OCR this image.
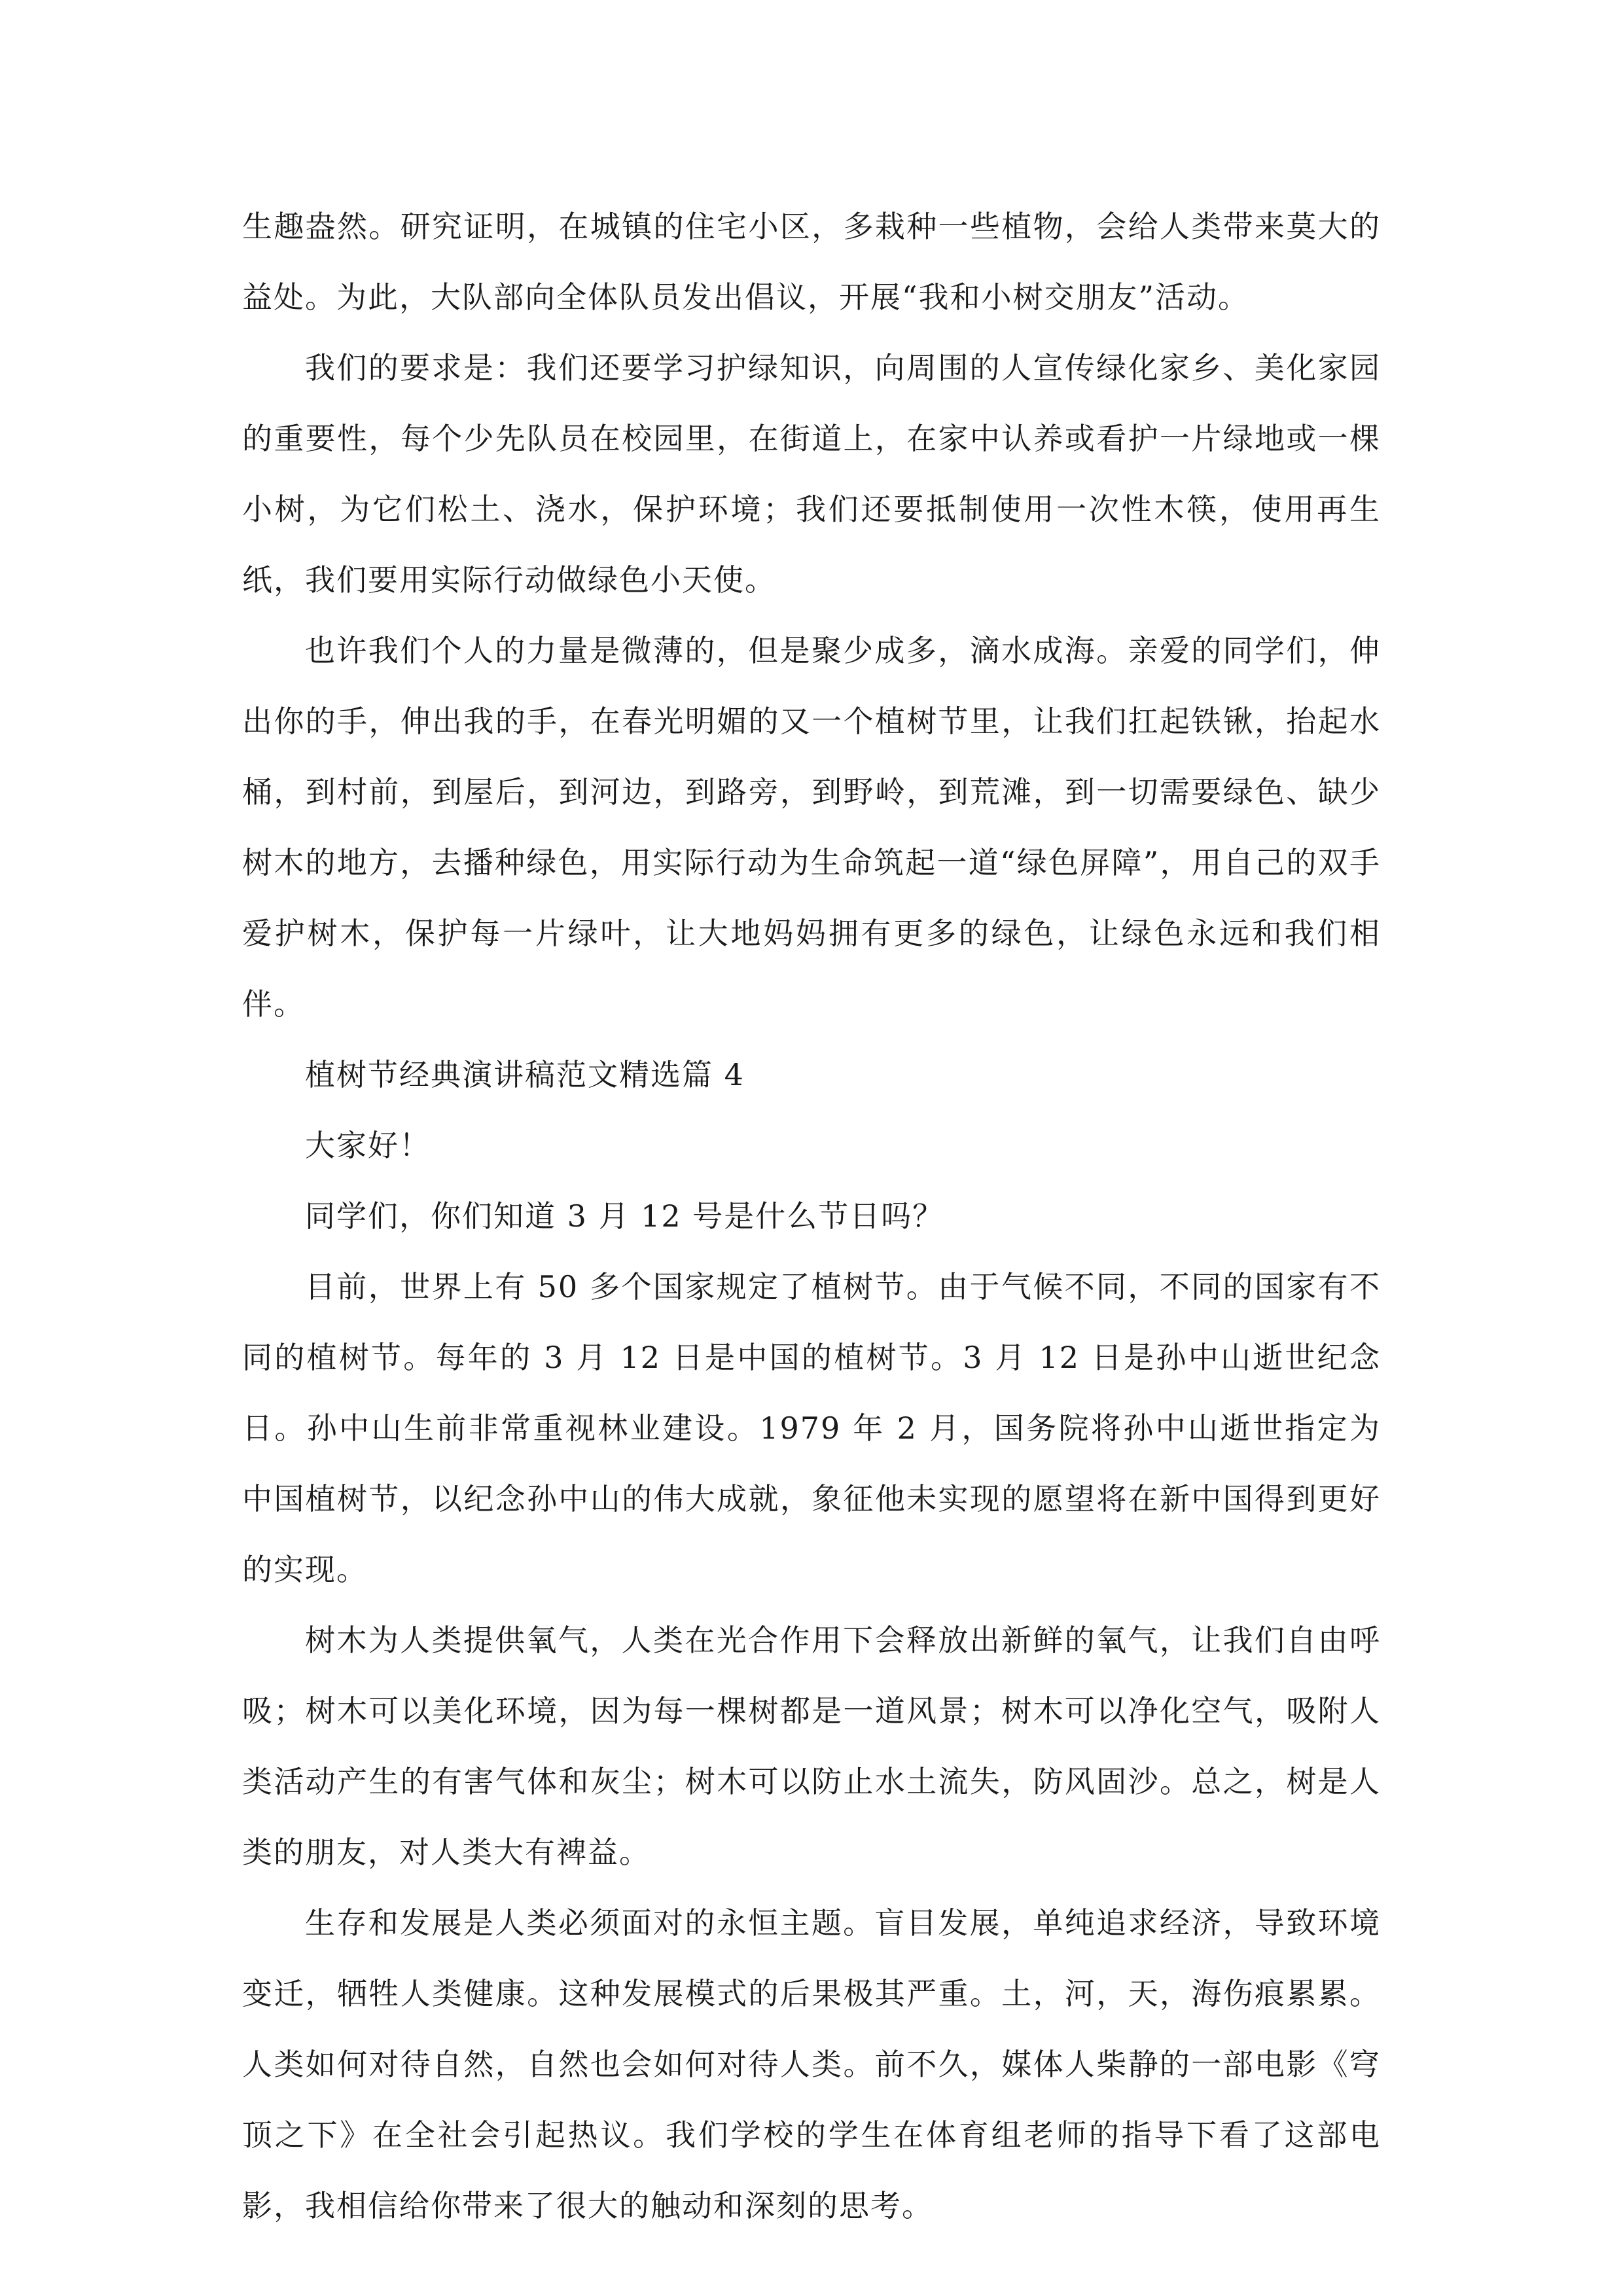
生趣盎然。研究证明，在城镇的住宅小区，多栽种一些植物，会给人类带来莫大的益处。为此，大队部向全体队员发出倡议，开展“我和小树交朋友”活动。

我们的要求是：我们还要学习护绿知识，向周围的人宣传绿化家乡、美化家园的重要性，每个少先队员在校园里，在街道上，在家中认养或看护一片绿地或一棵小树，为它们松土、浇水，保护环境；我们还要抵制使用一次性木筷，使用再生纸，我们要用实际行动做绿色小天使。

也许我们个人的力量是微薄的，但是聚少成多，滴水成海。亲爱的同学们，伸出你的手，伸出我的手，在春光明媚的又一个植树节里，让我们扛起铁锹，抬起水桶，到村前，到屋后，到河边，到路旁，到野岭，到荒滩，到一切需要绿色、缺少树木的地方，去播种绿色，用实际行动为生命筑起一道“绿色屏障”，用自己的双手爱护树木，保护每一片绿叶，让大地妈妈拥有更多的绿色，让绿色永远和我们相伴。

植树节经典演讲稿范文精选篇 4

大家好！

同学们，你们知道 3 月 12 号是什么节日吗？

目前，世界上有 50 多个国家规定了植树节。由于气候不同，不同的国家有不同的植树节。每年的 3 月 12 日是中国的植树节。3 月 12 日是孙中山逝世纪念日。孙中山生前非常重视林业建设。1979 年 2 月，国务院将孙中山逝世指定为中国植树节，以纪念孙中山的伟大成就，象征他未实现的愿望将在新中国得到更好的实现。

树木为人类提供氧气，人类在光合作用下会释放出新鲜的氧气，让我们自由呼吸；树木可以美化环境，因为每一棵树都是一道风景；树木可以净化空气，吸附人类活动产生的有害气体和灰尘；树木可以防止水土流失，防风固沙。总之，树是人类的朋友，对人类大有裨益。

生存和发展是人类必须面对的永恒主题。盲目发展，单纯追求经济，导致环境变迁，牺牲人类健康。这种发展模式的后果极其严重。土，河，天，海伤痕累累。人类如何对待自然，自然也会如何对待人类。前不久，媒体人柴静的一部电影《穹顶之下》在全社会引起热议。我们学校的学生在体育组老师的指导下看了这部电影，我相信给你带来了很大的触动和深刻的思考。
